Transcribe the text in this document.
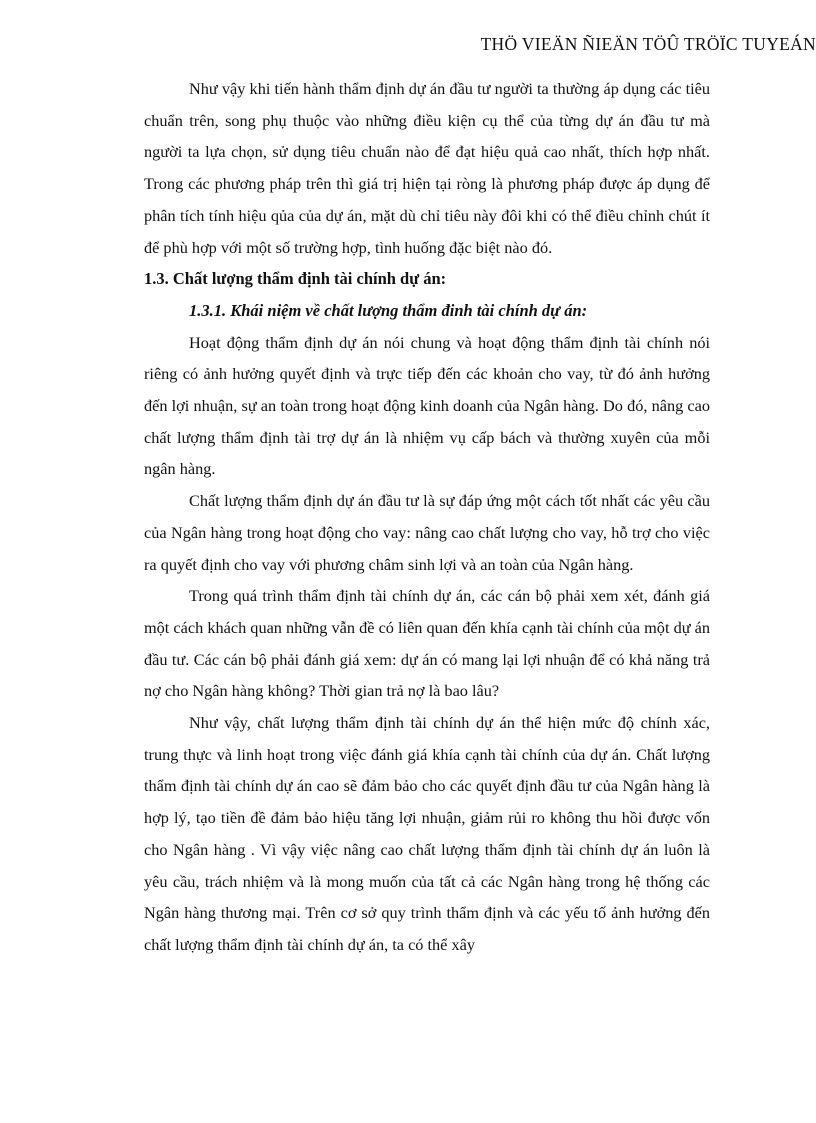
THÖ VIEÄN ÑIEÄN TÖÛ TRÖÏC TUYEÁN

Như vậy khi tiến hành thẩm định dự án đầu tư người ta thường áp dụng các tiêu chuẩn trên, song phụ thuộc vào những điều kiện cụ thể của từng dự án đầu tư mà người ta lựa chọn, sử dụng tiêu chuẩn nào để đạt hiệu quả cao nhất, thích hợp nhất. Trong các phương pháp trên thì giá trị hiện tại ròng là phương pháp được áp dụng để phân tích tính hiệu qủa của dự án, mặt dù chỉ tiêu này đôi khi có thể điều chỉnh chút ít để phù hợp với một số trường hợp, tình huống đặc biệt nào đó.

1.3. Chất lượng thẩm định tài chính dự án:

1.3.1. Khái niệm về chất lượng thẩm đinh tài chính dự án:

Hoạt động thẩm định dự án nói chung và hoạt động thẩm định tài chính nói riêng có ảnh hưởng quyết định và trực tiếp đến các khoản cho vay, từ đó ảnh hưởng đến lợi nhuận, sự an toàn trong hoạt động kinh doanh của Ngân hàng. Do đó, nâng cao chất lượng thẩm định tài trợ dự án là nhiệm vụ cấp bách và thường xuyên của mỗi ngân hàng.

Chất lượng thẩm định dự án đầu tư là sự đáp ứng một cách tốt nhất các yêu cầu của Ngân hàng trong hoạt động cho vay: nâng cao chất lượng cho vay, hỗ trợ cho việc ra quyết định cho vay với phương châm sinh lợi và an toàn của Ngân hàng.

Trong quá trình thẩm định tài chính dự án, các cán bộ phải xem xét, đánh giá một cách khách quan những vẫn đề có liên quan đến khía cạnh tài chính của một dự án đầu tư. Các cán bộ phải đánh giá xem: dự án có mang lại lợi nhuận để có khả năng trả nợ cho Ngân hàng không? Thời gian trả nợ là bao lâu?

Như vậy, chất lượng thẩm định tài chính dự án thể hiện mức độ chính xác, trung thực và linh hoạt trong việc đánh giá khía cạnh tài chính của dự án. Chất lượng thẩm định tài chính dự án cao sẽ đảm bảo cho các quyết định đầu tư của Ngân hàng là hợp lý, tạo tiền đề đảm bảo hiệu tăng lợi nhuận, giảm rủi ro không thu hồi được vốn cho Ngân hàng . Vì vậy việc nâng cao chất lượng thẩm định tài chính dự án luôn là yêu cầu, trách nhiệm và là mong muốn của tất cả các Ngân hàng trong hệ thống các Ngân hàng thương mại. Trên cơ sở quy trình thẩm định và các yếu tố ảnh hưởng đến chất lượng thẩm định tài chính dự án, ta có thể xây
